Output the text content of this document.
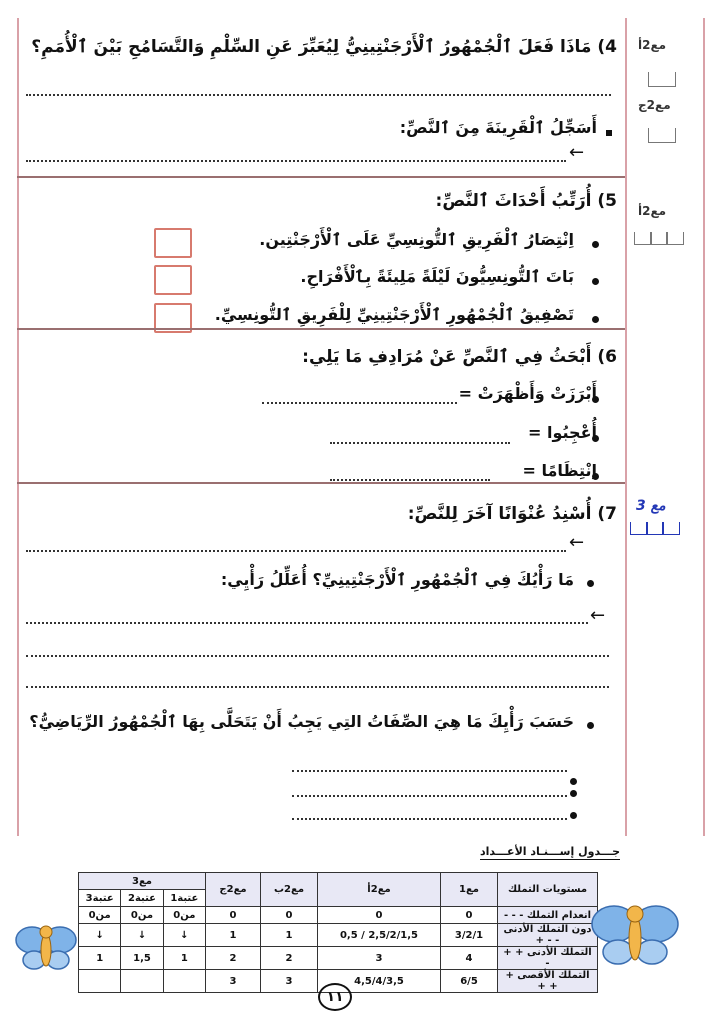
4) مَاذَا فَعَلَ ٱلْجُمْهُورُ ٱلْأَرْجَنْتِينِيُّ لِيُعَبِّرَ عَنِ السِّلْمِ وَالتَّسَامُحِ بَيْنَ ٱلْأُمَمِ؟
أَسَجِّلُ ٱلْقَرِينَةَ مِنَ ٱلنَّصِّ:
←
5) أُرَتِّبُ أَحْدَاثَ ٱلنَّصِّ:
اِنْتِصَارُ ٱلْفَرِيقِ ٱلتُّونِسِيِّ عَلَى ٱلْأَرْجَنْتِين.
بَاتَ ٱلتُّونِسِيُّونَ لَيْلَةً مَلِيئَةً بِٱلْأَفْرَاحِ.
تَصْفِيقُ ٱلْجُمْهُورِ ٱلْأَرْجَنْتِينِيِّ لِلْفَرِيقِ ٱلتُّونِسِيِّ.
6) أَبْحَثُ فِي ٱلنَّصِّ عَنْ مُرَادِفِ مَا يَلِي:
أَبْرَزَتْ وَأَظْهَرَتْ =
أُعْجِبُوا =
اِنْتِظَامًا =
7) أُسْنِدُ عُنْوَانًا آخَرَ لِلنَّصِّ:
←
مَا رَأْيُكَ فِي ٱلْجُمْهُورِ ٱلْأَرْجَنْتِينِيِّ؟ أُعَلِّلُ رَأْيِي:
←
حَسَبَ رَأْيِكَ مَا هِيَ الصِّفَاتُ التِي يَجِبُ أَنْ يَتَحَلَّى بِهَا ٱلْجُمْهُورُ الرِّيَاضِيُّ؟
مع2أ
مع2ج
مع2أ
مع 3
جـــدول إســـنـاد الأعـــداد
مستويات التملك	مع1	مع2أ	مع2ب	مع2ج	مع3		
					عتبة1	عتبة2	عتبة3
انعدام التملك - - -	0	0	0	0	من0	من0	من0
دون التملك الأدنى - - +	3/2/1	2,5/2/1,5 / 0,5	1	1	↓	↓	↓
التملك الأدنى + + -	4	3	2	2	1	1,5	1
التملك الأقصى + + +	6/5	4,5/4/3,5	3	3			
١١
